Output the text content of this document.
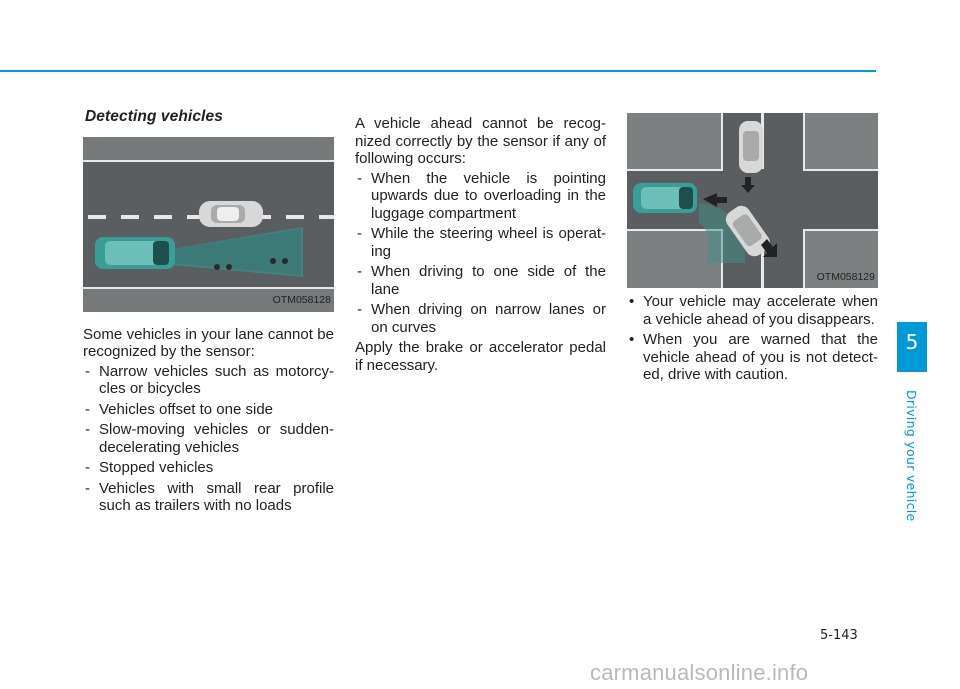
Detecting vehicles
OTM058128

Some vehicles in your lane cannot be recognized by the sensor:

- Narrow vehicles such as motorcy-cles or bicycles
- Vehicles offset to one side
- Slow-moving vehicles or sudden-decelerating vehicles
- Stopped vehicles
- Vehicles with small rear profile such as trailers with no loads

A vehicle ahead cannot be recog-nized correctly by the sensor if any of following occurs:

- When the vehicle is pointing upwards due to overloading in the luggage compartment
- While the steering wheel is operat-ing
- When driving to one side of the lane
- When driving on narrow lanes or on curves

Apply the brake or accelerator pedal if necessary.

OTM058129
• Your vehicle may accelerate when a vehicle ahead of you disappears.
• When you are warned that the vehicle ahead of you is not detect-ed, drive with caution.
5
Driving your vehicle
5-143
carmanualsonline.info
